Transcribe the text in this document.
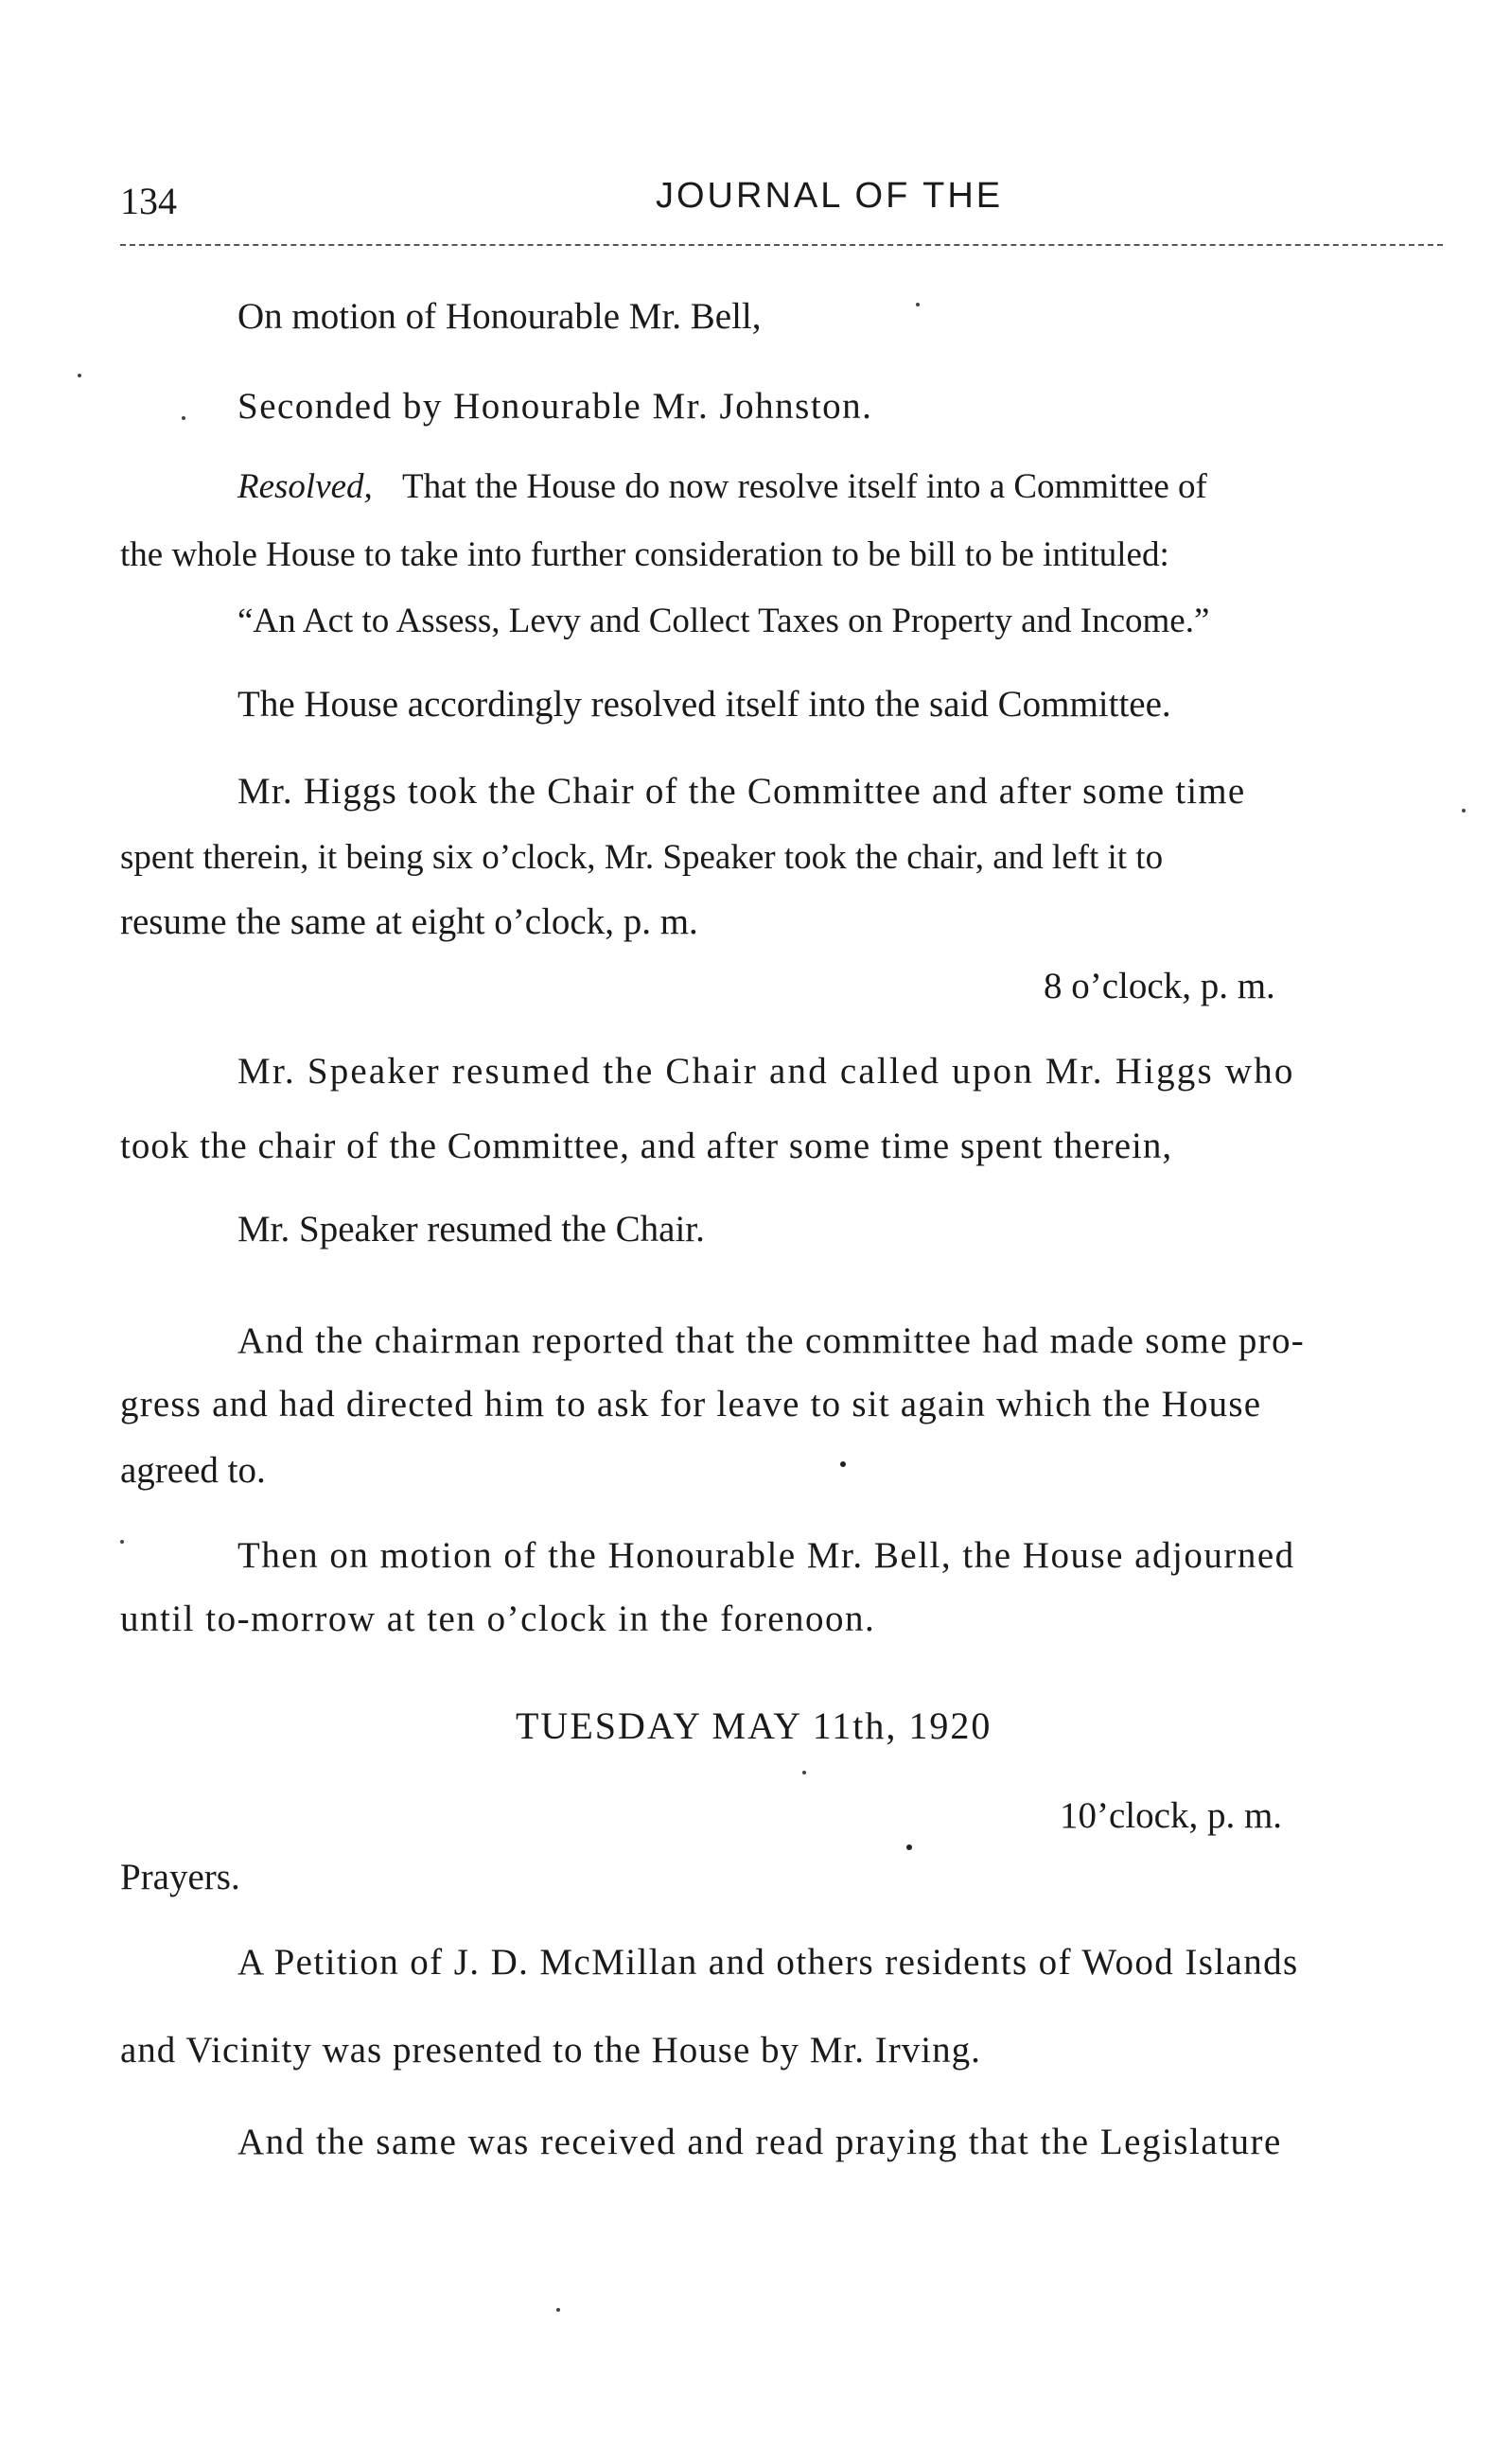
134	JOURNAL OF THE
On motion of Honourable Mr. Bell,
Seconded by Honourable Mr. Johnston.
Resolved, That the House do now resolve itself into a Committee of
the whole House to take into further consideration to be bill to be intituled:
“An Act to Assess, Levy and Collect Taxes on Property and Income.”
The House accordingly resolved itself into the said Committee.
Mr. Higgs took the Chair of the Committee and after some time
spent therein, it being six o’clock, Mr. Speaker took the chair, and left it to
resume the same at eight o’clock, p. m.
8 o’clock, p. m.
Mr. Speaker resumed the Chair and called upon Mr. Higgs who
took the chair of the Committee, and after some time spent therein,
Mr. Speaker resumed the Chair.
And the chairman reported that the committee had made some pro-
gress and had directed him to ask for leave to sit again which the House
agreed to.
Then on motion of the Honourable Mr. Bell, the House adjourned
until to-morrow at ten o’clock in the forenoon.
TUESDAY MAY 11th, 1920
10’clock, p. m.
Prayers.
A Petition of J. D. McMillan and others residents of Wood Islands
and Vicinity was presented to the House by Mr. Irving.
And the same was received and read praying that the Legislature
